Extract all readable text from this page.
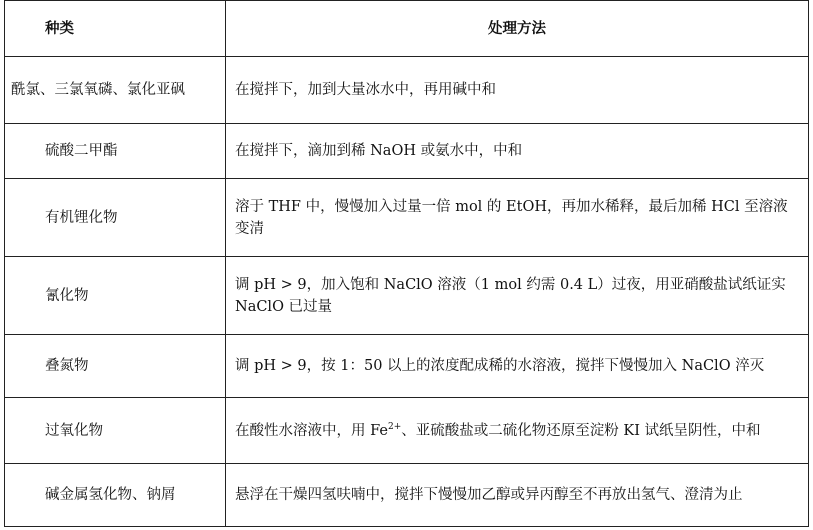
种类	处理方法

酰氯、三氯氧磷、氯化亚砜	在搅拌下，加到大量冰水中，再用碱中和

硫酸二甲酯	在搅拌下，滴加到稀 NaOH 或氨水中，中和

有机锂化物	溶于 THF 中，慢慢加入过量一倍 mol 的 EtOH，再加水稀释，最后加稀 HCl 至溶液变清

氰化物	调 pH > 9，加入饱和 NaClO 溶液（1 mol 约需 0.4 L）过夜，用亚硝酸盐试纸证实 NaClO 已过量

叠氮物	调 pH > 9，按 1：50 以上的浓度配成稀的水溶液，搅拌下慢慢加入 NaClO 淬灭

过氧化物	在酸性水溶液中，用 $Fe^{2+}$、亚硫酸盐或二硫化物还原至淀粉 KI 试纸呈阴性，中和

碱金属氢化物、钠屑	悬浮在干燥四氢呋喃中，搅拌下慢慢加乙醇或异丙醇至不再放出氢气、澄清为止
